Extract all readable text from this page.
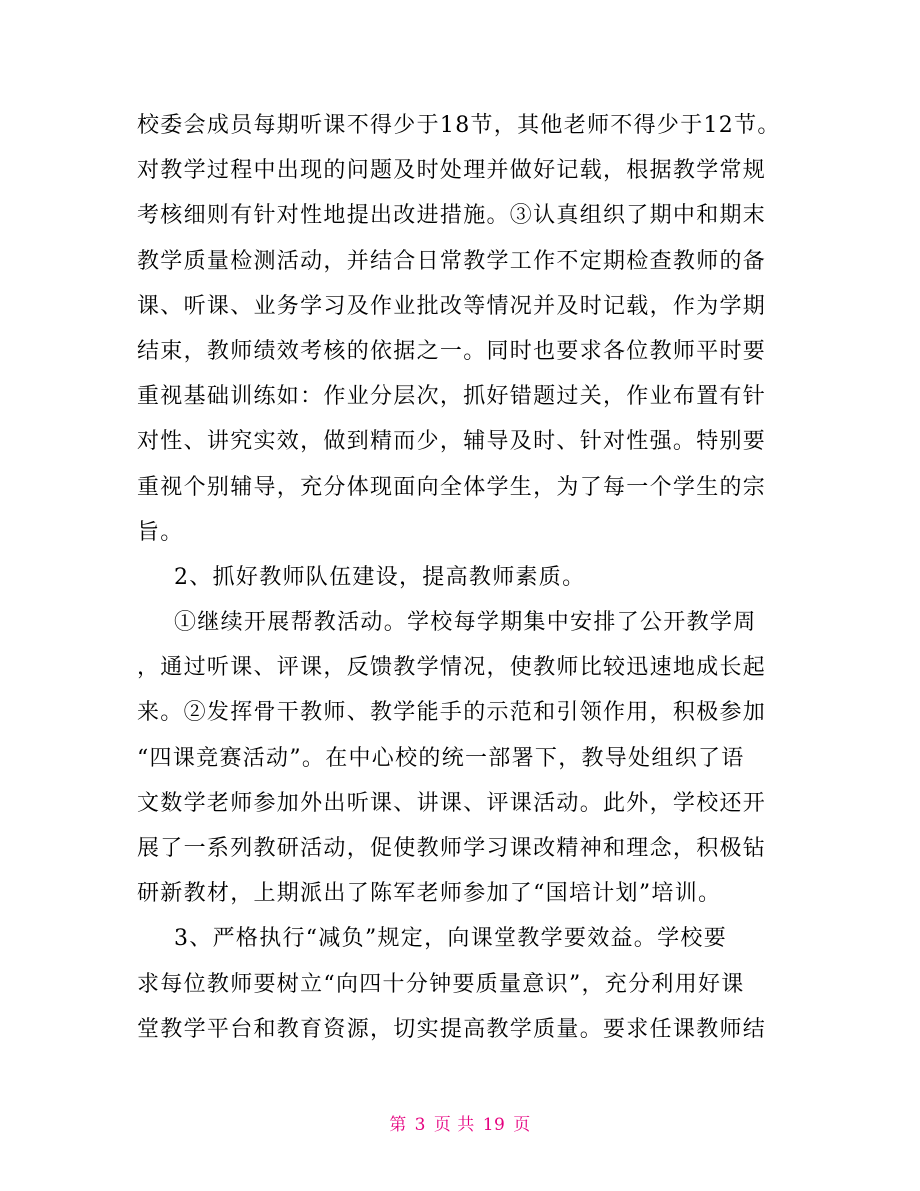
校委会成员每期听课不得少于18节，其他老师不得少于12节。
对教学过程中出现的问题及时处理并做好记载，根据教学常规
考核细则有针对性地提出改进措施。③认真组织了期中和期末
教学质量检测活动，并结合日常教学工作不定期检查教师的备
课、听课、业务学习及作业批改等情况并及时记载，作为学期
结束，教师绩效考核的依据之一。同时也要求各位教师平时要
重视基础训练如：作业分层次，抓好错题过关，作业布置有针
对性、讲究实效，做到精而少，辅导及时、针对性强。特别要
重视个别辅导，充分体现面向全体学生，为了每一个学生的宗
旨。
2、抓好教师队伍建设，提高教师素质。
①继续开展帮教活动。学校每学期集中安排了公开教学周
，通过听课、评课，反馈教学情况，使教师比较迅速地成长起
来。②发挥骨干教师、教学能手的示范和引领作用，积极参加
“四课竞赛活动”。在中心校的统一部署下，教导处组织了语
文数学老师参加外出听课、讲课、评课活动。此外，学校还开
展了一系列教研活动，促使教师学习课改精神和理念，积极钻
研新教材，上期派出了陈军老师参加了“国培计划”培训。
3、严格执行“减负”规定，向课堂教学要效益。学校要
求每位教师要树立“向四十分钟要质量意识”，充分利用好课
堂教学平台和教育资源，切实提高教学质量。要求任课教师结
第 3 页 共 19 页
